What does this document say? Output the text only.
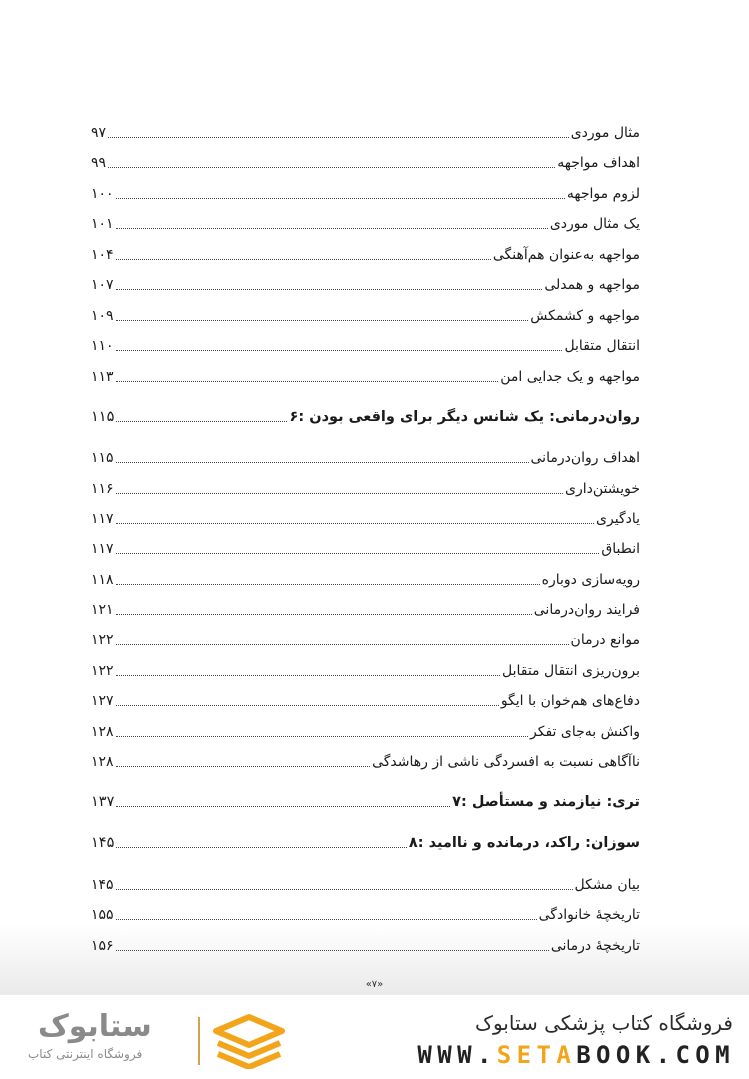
مثال موردی
۹۷
اهداف مواجهه
۹۹
لزوم مواجهه
۱۰۰
یک مثال موردی
۱۰۱
مواجهه به‌عنوان هم‌آهنگی
۱۰۴
مواجهه و همدلی
۱۰۷
مواجهه و کشمکش
۱۰۹
انتقال متقابل
۱۱۰
مواجهه و یک جدایی امن
۱۱۳
۶: روان‌درمانی: یک شانس دیگر برای واقعی بودن
۱۱۵
اهداف روان‌درمانی
۱۱۵
خویشتن‌داری
۱۱۶
یادگیری
۱۱۷
انطباق
۱۱۷
رویه‌سازی دوباره
۱۱۸
فرایند روان‌درمانی
۱۲۱
موانع درمان
۱۲۲
برون‌ریزی انتقال متقابل
۱۲۲
دفاع‌های هم‌خوان با ایگو
۱۲۷
واکنش به‌جای تفکر
۱۲۸
ناآگاهی نسبت به افسردگی ناشی از رهاشدگی
۱۲۸
۷: تری: نیازمند و مستأصل
۱۳۷
۸: سوزان: راکد، درمانده و ناامید
۱۴۵
بیان مشکل
۱۴۵
تاریخچهٔ خانوادگی
۱۵۵
تاریخچهٔ درمانی
۱۵۶
«۷»
ستابوک
فروشگاه اینترنتی کتاب
فروشگاه کتاب پزشکی ستابوک
WWW.SETABOOK.COM
